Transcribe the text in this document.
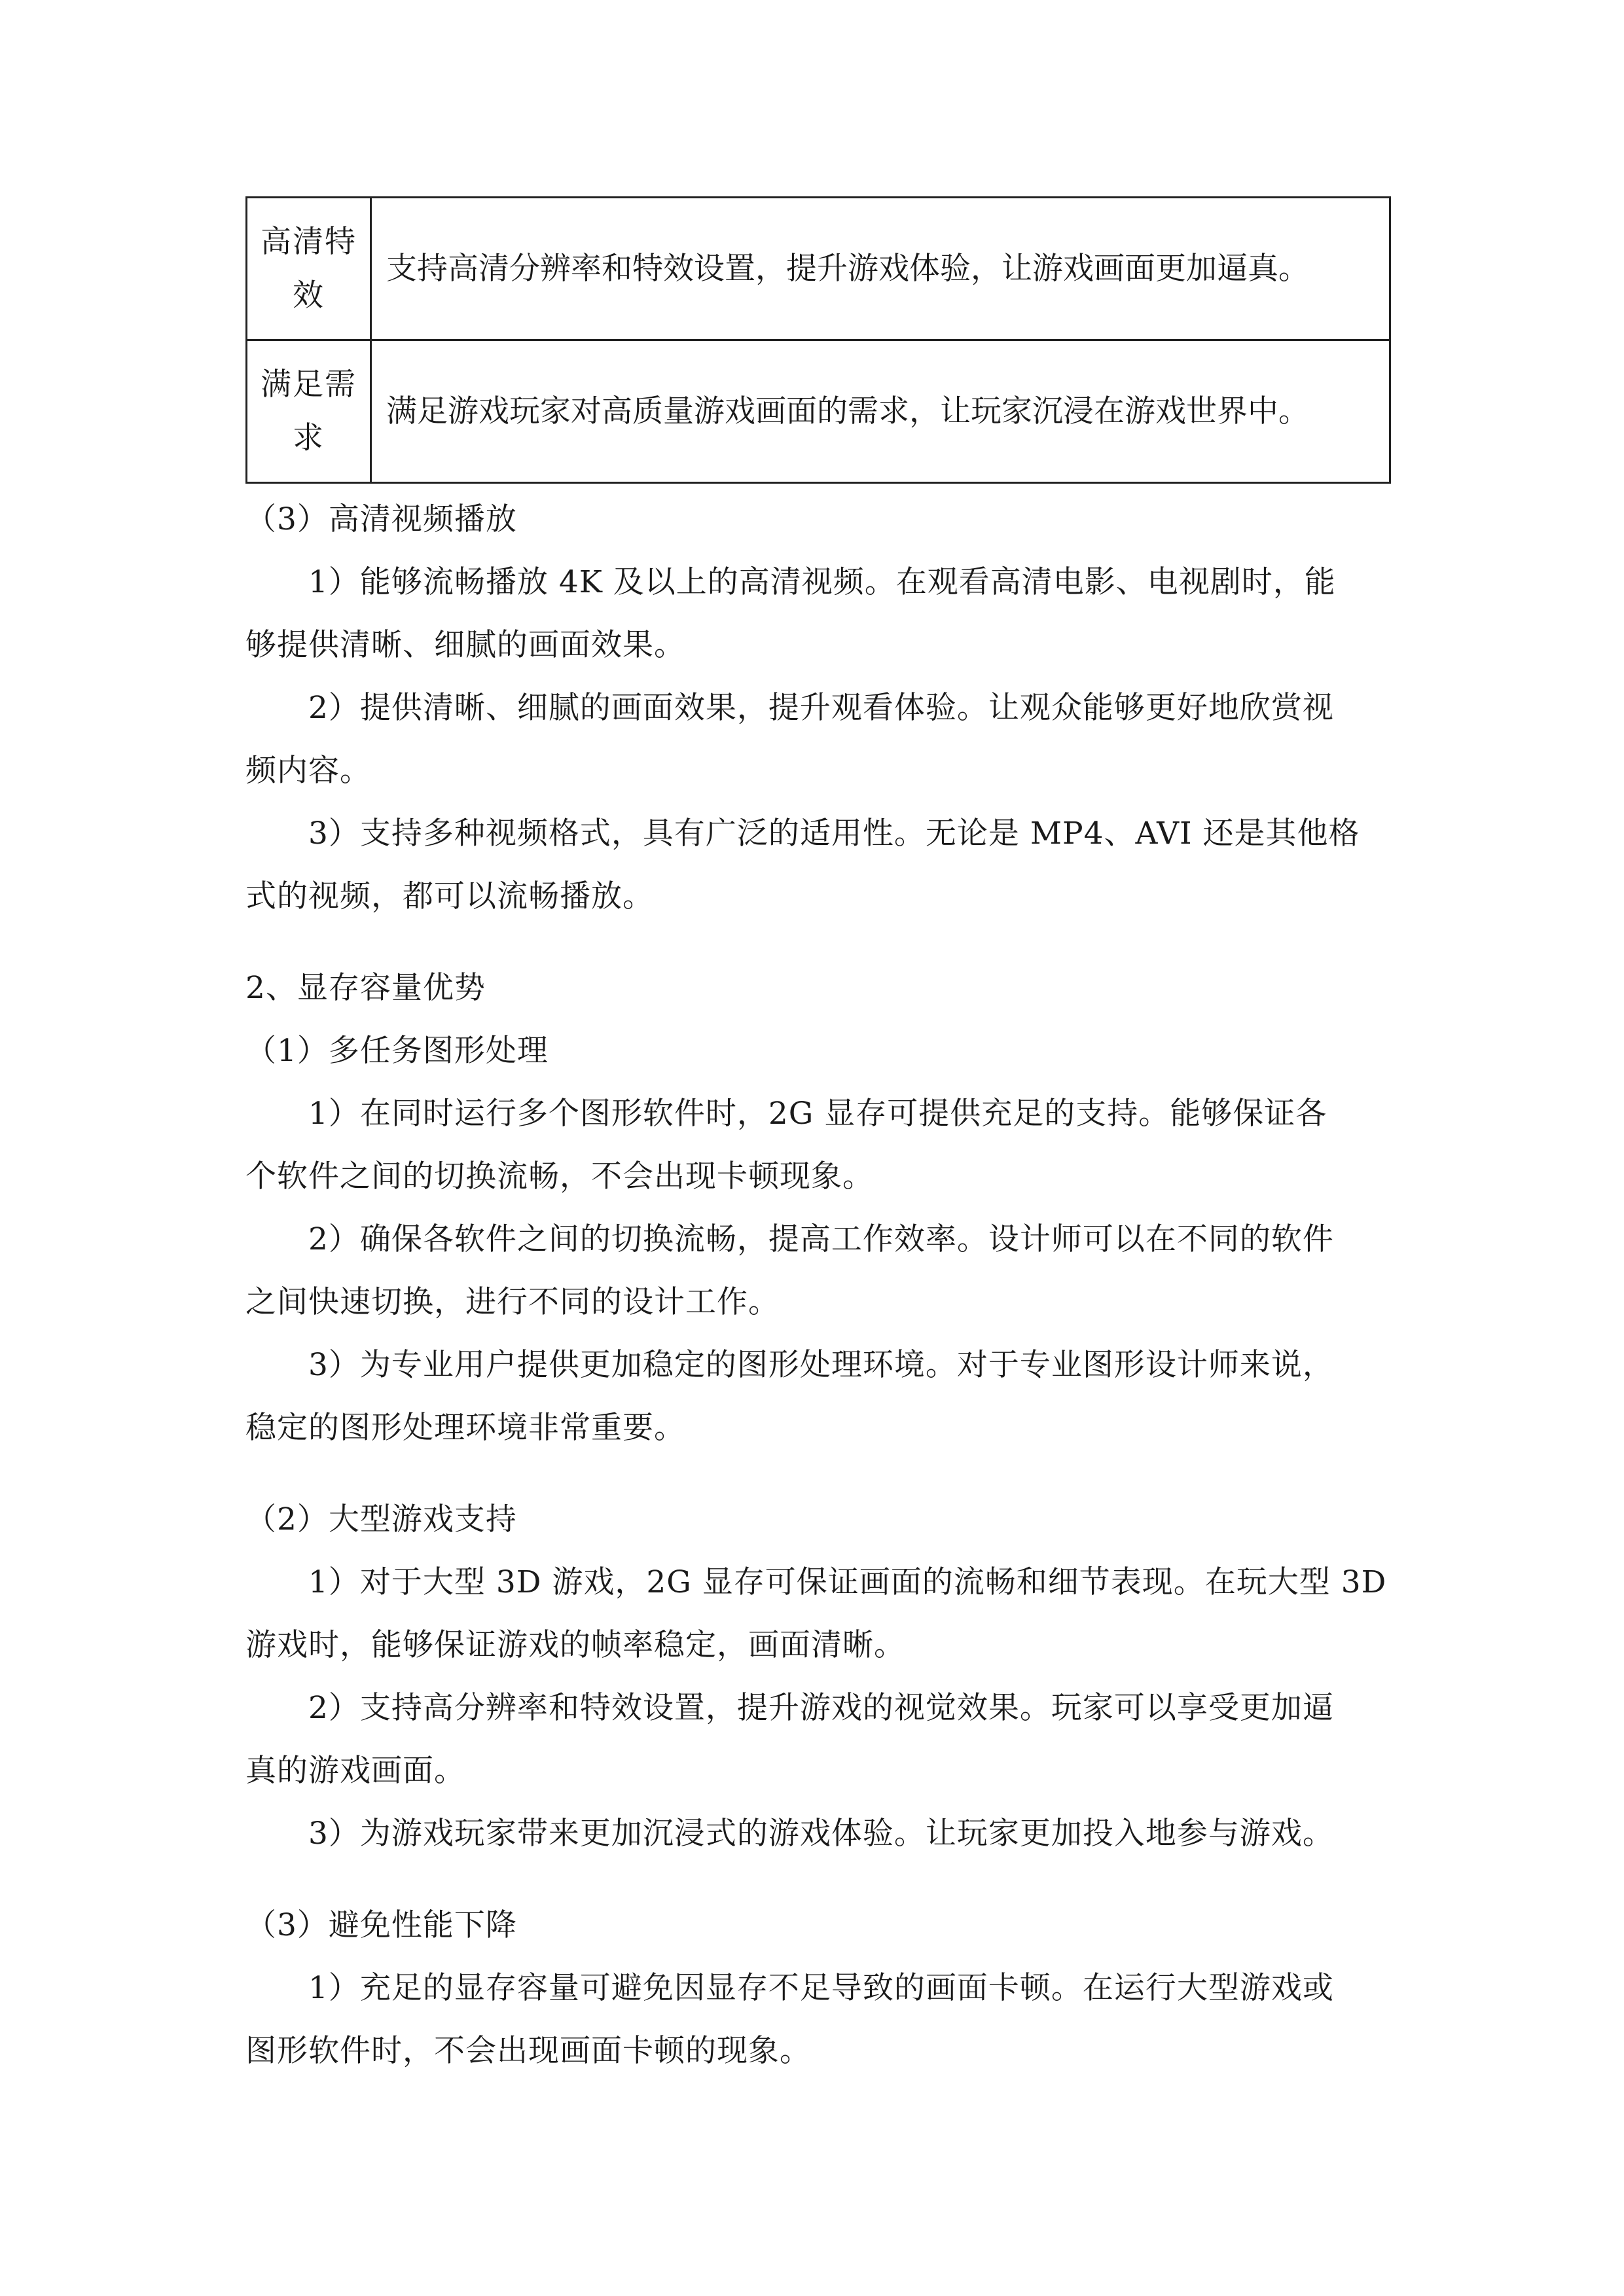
高清特
效	支持高清分辨率和特效设置，提升游戏体验，让游戏画面更加逼真。

满足需
求	满足游戏玩家对高质量游戏画面的需求，让玩家沉浸在游戏世界中。

（3）高清视频播放

1）能够流畅播放 4K 及以上的高清视频。在观看高清电影、电视剧时，能

够提供清晰、细腻的画面效果。

2）提供清晰、细腻的画面效果，提升观看体验。让观众能够更好地欣赏视

频内容。

3）支持多种视频格式，具有广泛的适用性。无论是 MP4、AVI 还是其他格

式的视频，都可以流畅播放。

2、显存容量优势

（1）多任务图形处理

1）在同时运行多个图形软件时，2G 显存可提供充足的支持。能够保证各

个软件之间的切换流畅，不会出现卡顿现象。

2）确保各软件之间的切换流畅，提高工作效率。设计师可以在不同的软件

之间快速切换，进行不同的设计工作。

3）为专业用户提供更加稳定的图形处理环境。对于专业图形设计师来说，

稳定的图形处理环境非常重要。

（2）大型游戏支持

1）对于大型 3D 游戏，2G 显存可保证画面的流畅和细节表现。在玩大型 3D

游戏时，能够保证游戏的帧率稳定，画面清晰。

2）支持高分辨率和特效设置，提升游戏的视觉效果。玩家可以享受更加逼

真的游戏画面。

3）为游戏玩家带来更加沉浸式的游戏体验。让玩家更加投入地参与游戏。

（3）避免性能下降

1）充足的显存容量可避免因显存不足导致的画面卡顿。在运行大型游戏或

图形软件时，不会出现画面卡顿的现象。
